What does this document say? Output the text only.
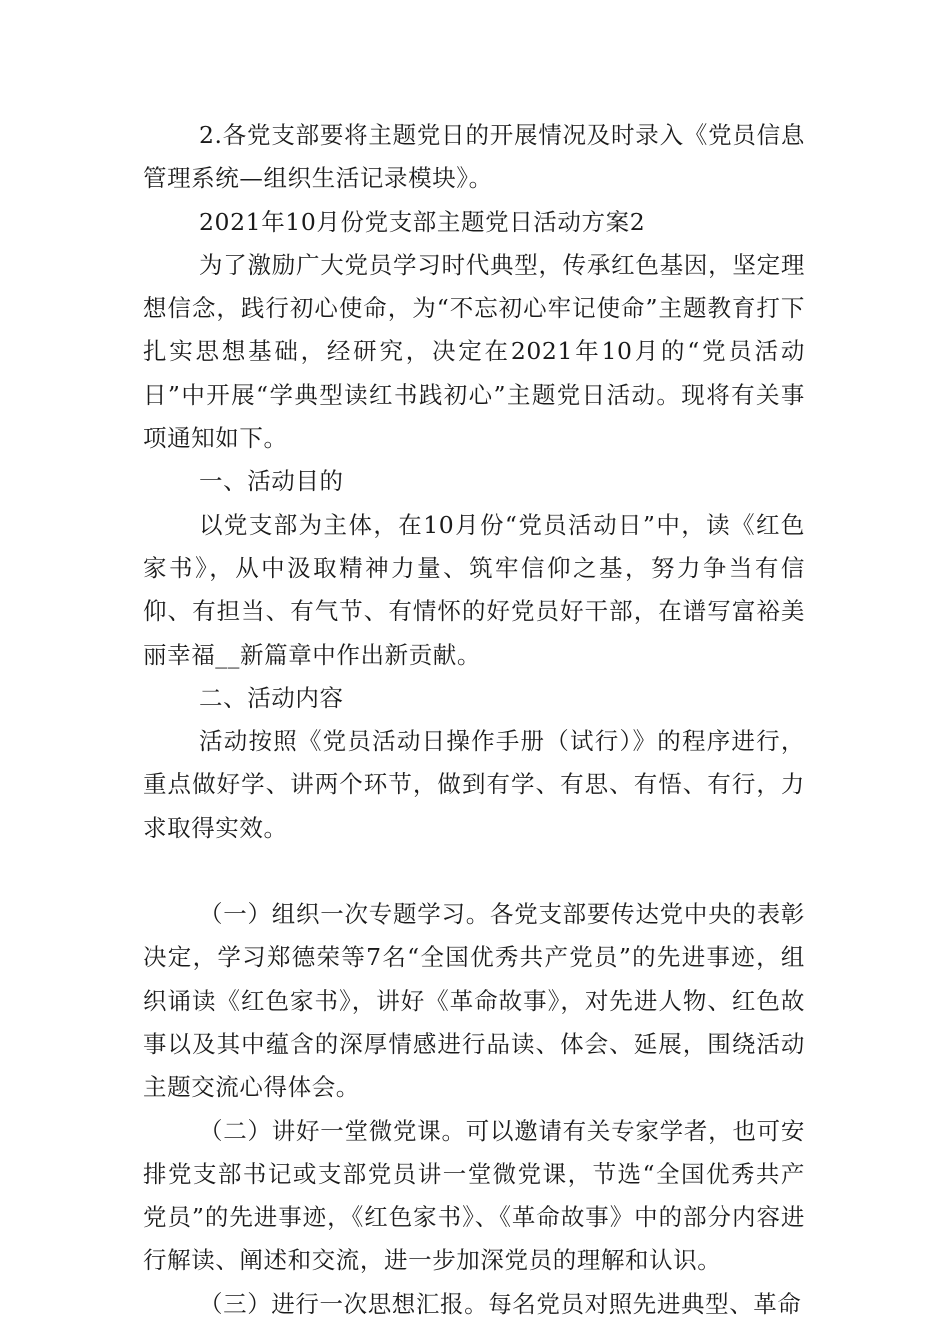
2.各党支部要将主题党日的开展情况及时录入《党员信息管理系统—组织生活记录模块》。

2021年10月份党支部主题党日活动方案2

为了激励广大党员学习时代典型，传承红色基因，坚定理想信念，践行初心使命，为“不忘初心牢记使命”主题教育打下扎实思想基础，经研究，决定在2021年10月的“党员活动日”中开展“学典型读红书践初心”主题党日活动。现将有关事项通知如下。

一、活动目的

以党支部为主体，在10月份“党员活动日”中，读《红色家书》，从中汲取精神力量、筑牢信仰之基，努力争当有信仰、有担当、有气节、有情怀的好党员好干部，在谱写富裕美丽幸福__新篇章中作出新贡献。

二、活动内容

活动按照《党员活动日操作手册（试行）》的程序进行，重点做好学、讲两个环节，做到有学、有思、有悟、有行，力求取得实效。

（一）组织一次专题学习。各党支部要传达党中央的表彰决定，学习郑德荣等7名“全国优秀共产党员”的先进事迹，组织诵读《红色家书》，讲好《革命故事》，对先进人物、红色故事以及其中蕴含的深厚情感进行品读、体会、延展，围绕活动主题交流心得体会。

（二）讲好一堂微党课。可以邀请有关专家学者，也可安排党支部书记或支部党员讲一堂微党课，节选“全国优秀共产党员”的先进事迹，《红色家书》、《革命故事》中的部分内容进行解读、阐述和交流，进一步加深党员的理解和认识。

（三）进行一次思想汇报。每名党员对照先进典型、革命
